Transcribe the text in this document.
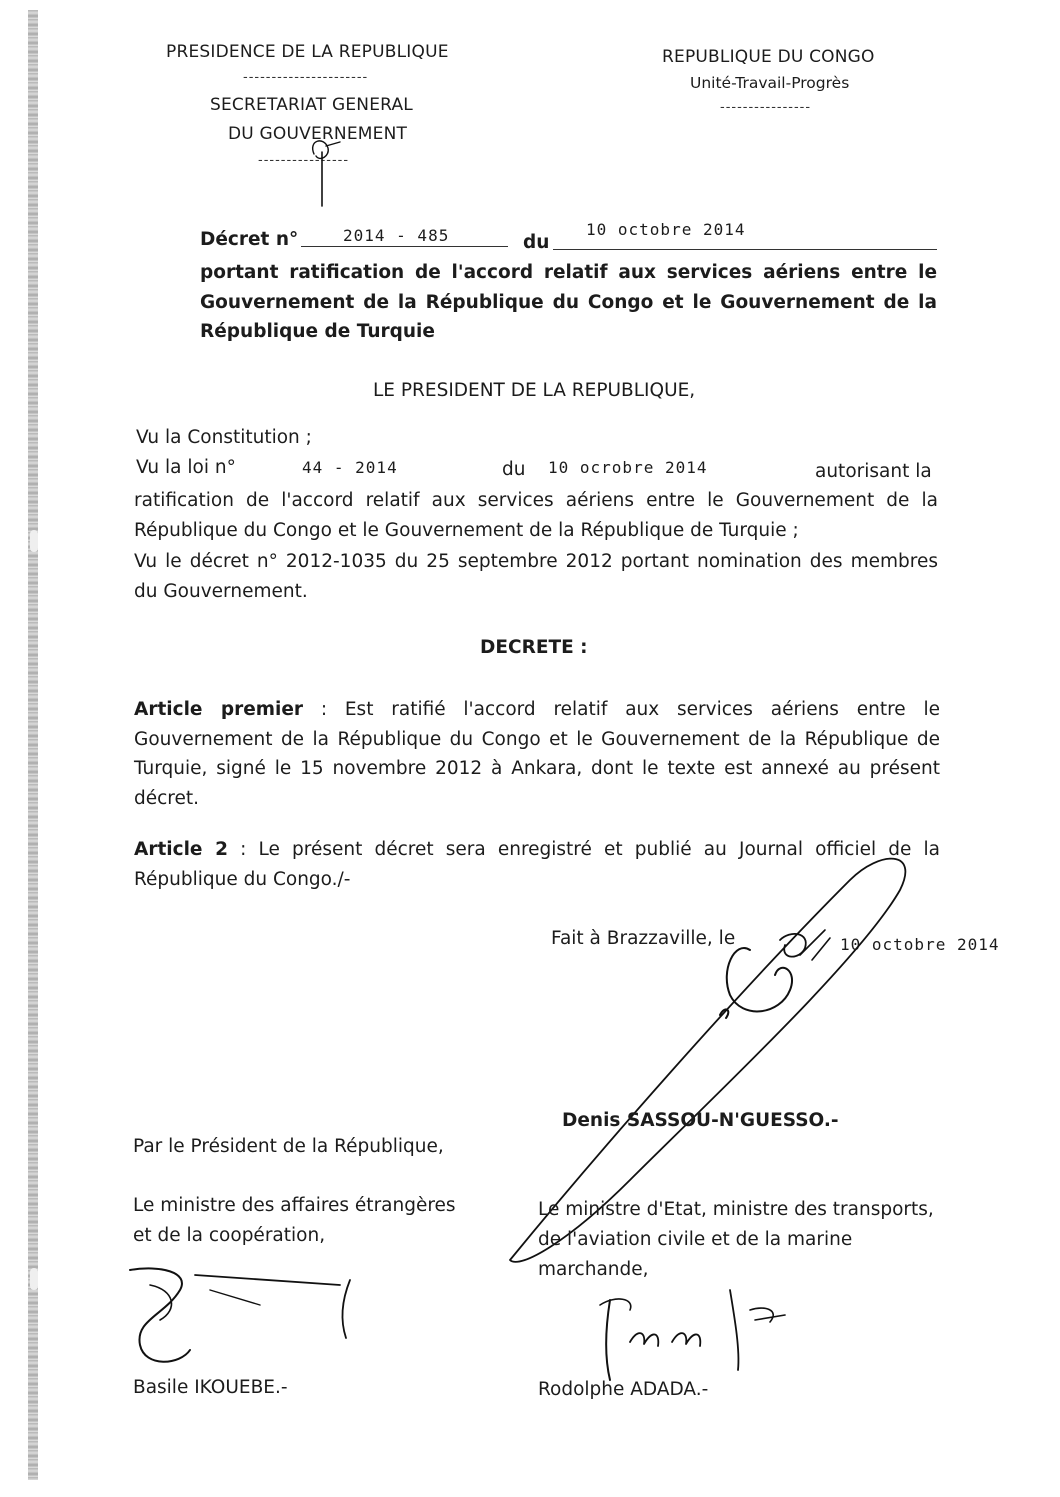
PRESIDENCE DE LA REPUBLIQUE
----------------------
SECRETARIAT GENERAL
DU GOUVERNEMENT
----------------
REPUBLIQUE DU CONGO
Unité-Travail-Progrès
----------------
Décret n°	2014 - 485	du
10 octobre 2014
portant ratification de l'accord relatif aux services aériens entre le Gouvernement de la République du Congo et le Gouvernement de la République de Turquie
LE PRESIDENT DE LA REPUBLIQUE,
Vu la Constitution ;
Vu la loi n°	44 - 2014	du 10 ocrobre 2014	autorisant la
ratification de l'accord relatif aux services aériens entre le Gouvernement de la République du Congo et le Gouvernement de la République de Turquie ;
Vu le décret n° 2012-1035 du 25 septembre 2012 portant nomination des membres du Gouvernement.
DECRETE :
Article premier : Est ratifié l'accord relatif aux services aériens entre le Gouvernement de la République du Congo et le Gouvernement de la République de Turquie, signé le 15 novembre 2012 à Ankara, dont le texte est annexé au présent décret.
Article 2 : Le présent décret sera enregistré et publié au Journal officiel de la République du Congo./-
Fait à Brazzaville, le	10 octobre 2014
Denis SASSOU-N'GUESSO.-
Par le Président de la République,
Le ministre des affaires étrangères
et de la coopération,
Le ministre d'Etat, ministre des transports,
de l'aviation civile et de la marine
marchande,
Basile IKOUEBE.-	Rodolphe ADADA.-
